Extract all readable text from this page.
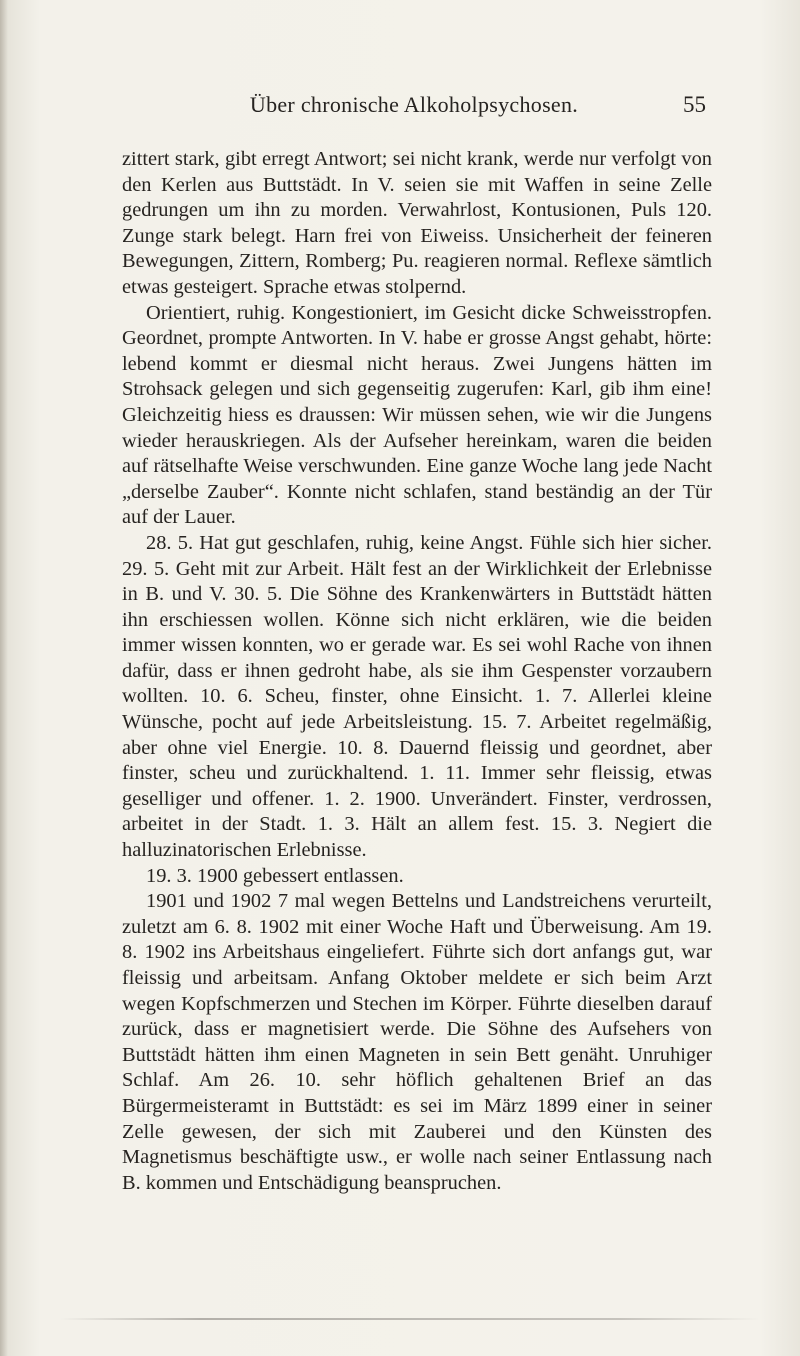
Über chronische Alkoholpsychosen.	55

zittert stark, gibt erregt Antwort; sei nicht krank, werde nur verfolgt von den Kerlen aus Buttstädt. In V. seien sie mit Waffen in seine Zelle gedrungen um ihn zu morden. Verwahrlost, Kontusionen, Puls 120. Zunge stark belegt. Harn frei von Eiweiss. Unsicherheit der feineren Bewegungen, Zittern, Romberg; Pu. reagieren normal. Reflexe sämtlich etwas gesteigert. Sprache etwas stolpernd.

Orientiert, ruhig. Kongestioniert, im Gesicht dicke Schweisstropfen. Geordnet, prompte Antworten. In V. habe er grosse Angst gehabt, hörte: lebend kommt er diesmal nicht heraus. Zwei Jungens hätten im Strohsack gelegen und sich gegenseitig zugerufen: Karl, gib ihm eine! Gleichzeitig hiess es draussen: Wir müssen sehen, wie wir die Jungens wieder herauskriegen. Als der Aufseher hereinkam, waren die beiden auf rätselhafte Weise verschwunden. Eine ganze Woche lang jede Nacht „derselbe Zauber“. Konnte nicht schlafen, stand beständig an der Tür auf der Lauer.

28. 5. Hat gut geschlafen, ruhig, keine Angst. Fühle sich hier sicher. 29. 5. Geht mit zur Arbeit. Hält fest an der Wirklichkeit der Erlebnisse in B. und V. 30. 5. Die Söhne des Krankenwärters in Buttstädt hätten ihn erschiessen wollen. Könne sich nicht erklären, wie die beiden immer wissen konnten, wo er gerade war. Es sei wohl Rache von ihnen dafür, dass er ihnen gedroht habe, als sie ihm Gespenster vorzaubern wollten. 10. 6. Scheu, finster, ohne Einsicht. 1. 7. Allerlei kleine Wünsche, pocht auf jede Arbeitsleistung. 15. 7. Arbeitet regelmäßig, aber ohne viel Energie. 10. 8. Dauernd fleissig und geordnet, aber finster, scheu und zurückhaltend. 1. 11. Immer sehr fleissig, etwas geselliger und offener. 1. 2. 1900. Unverändert. Finster, verdrossen, arbeitet in der Stadt. 1. 3. Hält an allem fest. 15. 3. Negiert die halluzinatorischen Erlebnisse.

19. 3. 1900 gebessert entlassen.

1901 und 1902 7 mal wegen Bettelns und Landstreichens verurteilt, zuletzt am 6. 8. 1902 mit einer Woche Haft und Überweisung. Am 19. 8. 1902 ins Arbeitshaus eingeliefert. Führte sich dort anfangs gut, war fleissig und arbeitsam. Anfang Oktober meldete er sich beim Arzt wegen Kopfschmerzen und Stechen im Körper. Führte dieselben darauf zurück, dass er magnetisiert werde. Die Söhne des Aufsehers von Buttstädt hätten ihm einen Magneten in sein Bett genäht. Unruhiger Schlaf. Am 26. 10. sehr höflich gehaltenen Brief an das Bürgermeisteramt in Buttstädt: es sei im März 1899 einer in seiner Zelle gewesen, der sich mit Zauberei und den Künsten des Magnetismus beschäftigte usw., er wolle nach seiner Entlassung nach B. kommen und Entschädigung beanspruchen.
